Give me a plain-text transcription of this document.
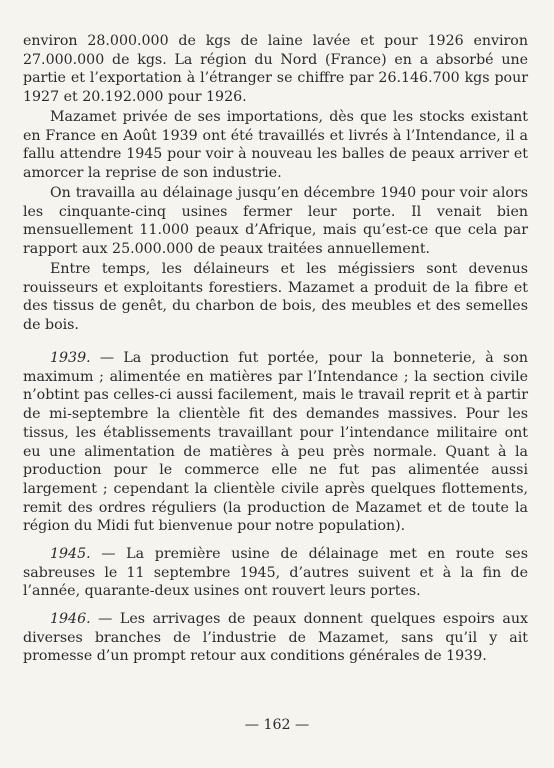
environ 28.000.000 de kgs de laine lavée et pour 1926 environ 27.000.000 de kgs. La région du Nord (France) en a absorbé une partie et l’exportation à l’étranger se chiffre par 26.146.700 kgs pour 1927 et 20.192.000 pour 1926.

Mazamet privée de ses importations, dès que les stocks existant en France en Août 1939 ont été travaillés et livrés à l’Intendance, il a fallu attendre 1945 pour voir à nouveau les balles de peaux arriver et amorcer la reprise de son industrie.

On travailla au délainage jusqu’en décembre 1940 pour voir alors les cinquante-cinq usines fermer leur porte. Il venait bien mensuellement 11.000 peaux d’Afrique, mais qu’est-ce que cela par rapport aux 25.000.000 de peaux traitées annuellement.

Entre temps, les délaineurs et les mégissiers sont devenus rouisseurs et exploitants forestiers. Mazamet a produit de la fibre et des tissus de genêt, du charbon de bois, des meubles et des semelles de bois.

1939. — La production fut portée, pour la bonneterie, à son maximum ; alimentée en matières par l’Intendance ; la section civile n’obtint pas celles-ci aussi facilement, mais le travail reprit et à partir de mi-septembre la clientèle fit des demandes massives. Pour les tissus, les établissements travaillant pour l’intendance militaire ont eu une alimentation de matières à peu près normale. Quant à la production pour le commerce elle ne fut pas alimentée aussi largement ; cependant la clientèle civile après quelques flottements, remit des ordres réguliers (la production de Mazamet et de toute la région du Midi fut bienvenue pour notre population).

1945. — La première usine de délainage met en route ses sabreuses le 11 septembre 1945, d’autres suivent et à la fin de l’année, quarante-deux usines ont rouvert leurs portes.

1946. — Les arrivages de peaux donnent quelques espoirs aux diverses branches de l’industrie de Mazamet, sans qu’il y ait promesse d’un prompt retour aux conditions générales de 1939.

— 162 —
